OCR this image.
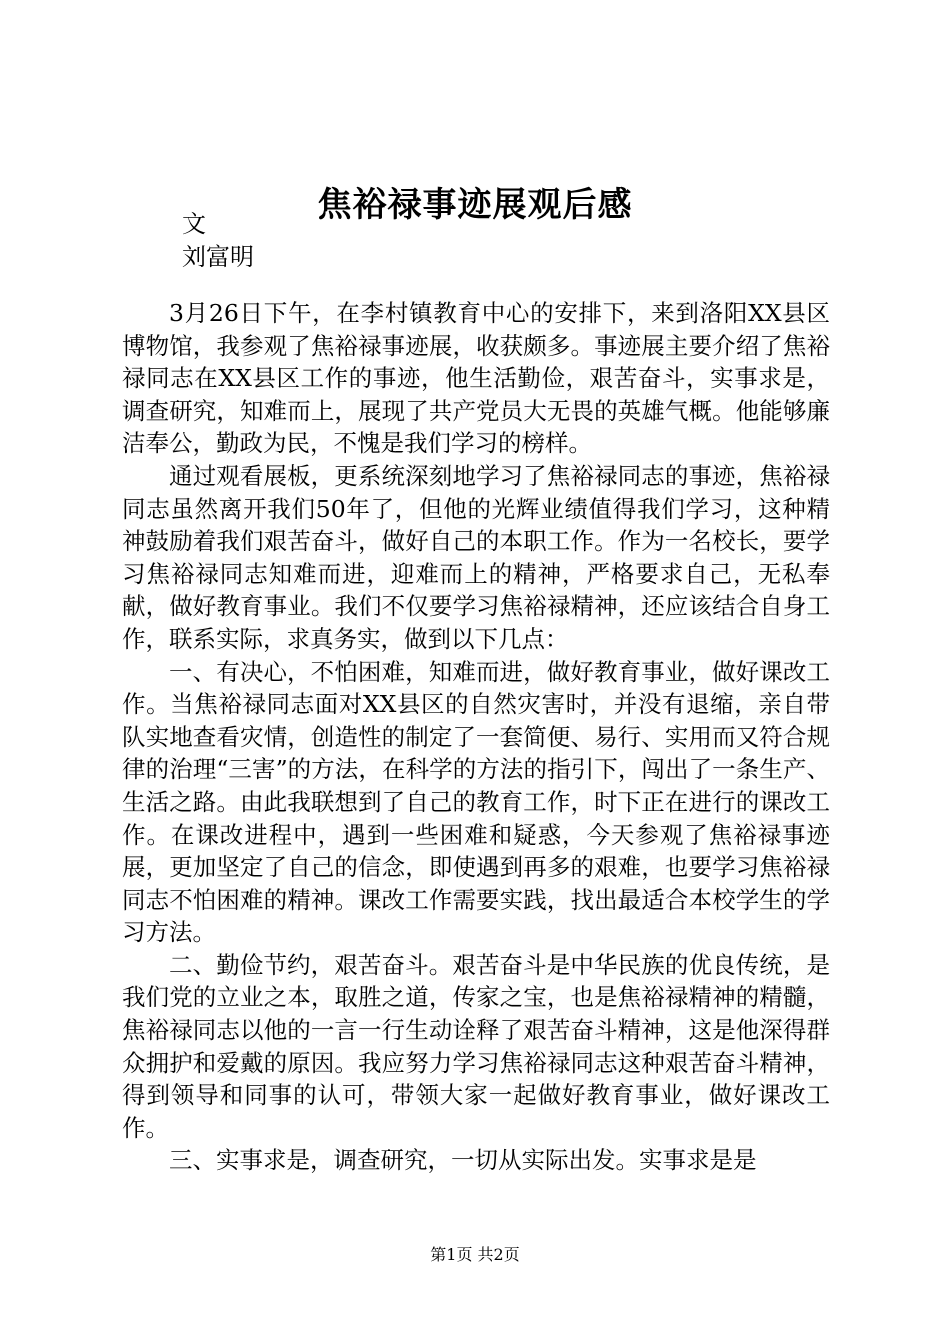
焦裕禄事迹展观后感
文
刘富明

3月26日下午，在李村镇教育中心的安排下，来到洛阳XX县区博物馆，我参观了焦裕禄事迹展，收获颇多。事迹展主要介绍了焦裕禄同志在XX县区工作的事迹，他生活勤俭，艰苦奋斗，实事求是，调查研究，知难而上，展现了共产党员大无畏的英雄气概。他能够廉洁奉公，勤政为民，不愧是我们学习的榜样。

通过观看展板，更系统深刻地学习了焦裕禄同志的事迹，焦裕禄同志虽然离开我们50年了，但他的光辉业绩值得我们学习，这种精神鼓励着我们艰苦奋斗，做好自己的本职工作。作为一名校长，要学习焦裕禄同志知难而进，迎难而上的精神，严格要求自己，无私奉献，做好教育事业。我们不仅要学习焦裕禄精神，还应该结合自身工作，联系实际，求真务实，做到以下几点：

一、有决心，不怕困难，知难而进，做好教育事业，做好课改工作。当焦裕禄同志面对XX县区的自然灾害时，并没有退缩，亲自带队实地查看灾情，创造性的制定了一套简便、易行、实用而又符合规律的治理“三害”的方法，在科学的方法的指引下，闯出了一条生产、生活之路。由此我联想到了自己的教育工作，时下正在进行的课改工作。在课改进程中，遇到一些困难和疑惑，今天参观了焦裕禄事迹展，更加坚定了自己的信念，即使遇到再多的艰难，也要学习焦裕禄同志不怕困难的精神。课改工作需要实践，找出最适合本校学生的学习方法。

二、勤俭节约，艰苦奋斗。艰苦奋斗是中华民族的优良传统，是我们党的立业之本，取胜之道，传家之宝，也是焦裕禄精神的精髓，焦裕禄同志以他的一言一行生动诠释了艰苦奋斗精神，这是他深得群众拥护和爱戴的原因。我应努力学习焦裕禄同志这种艰苦奋斗精神，得到领导和同事的认可，带领大家一起做好教育事业，做好课改工作。

三、实事求是，调查研究，一切从实际出发。实事求是是

第1页 共2页
